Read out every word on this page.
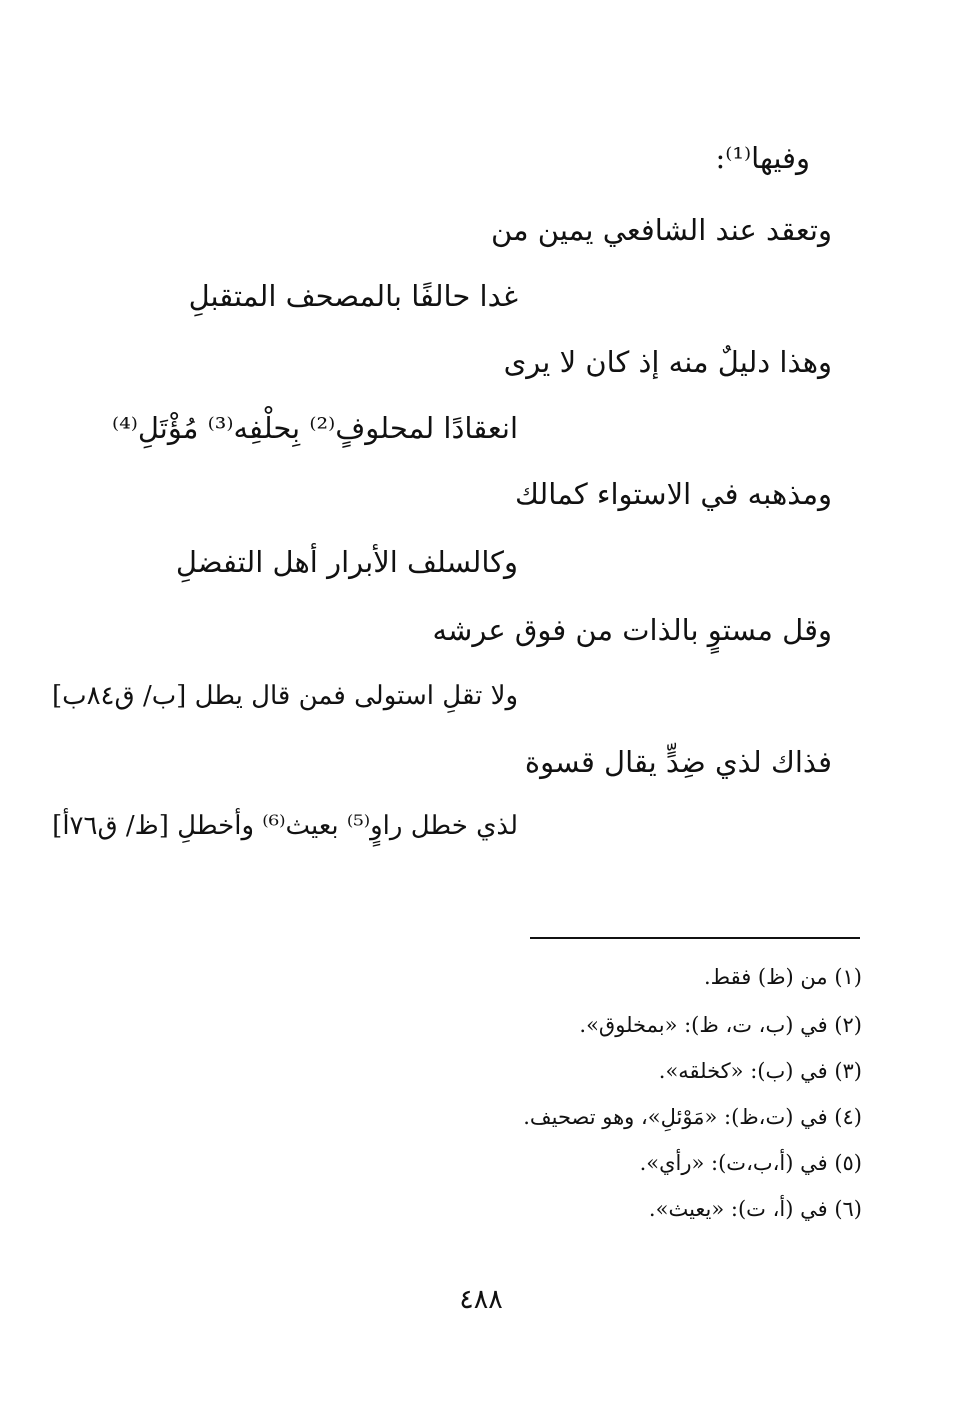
وفيها⁽¹⁾:
وتعقد عند الشافعي يمين من
غدا حالفًا بالمصحف المتقبلِ
وهذا دليلٌ منه إذ كان لا يرى
انعقادًا لمحلوفٍ⁽²⁾ بِحلْفِه⁽³⁾ مُؤْتَلِ⁽⁴⁾
ومذهبه في الاستواء كمالك
وكالسلف الأبرار أهل التفضلِ
وقل مستوٍ بالذات من فوق عرشه
ولا تقلِ استولى فمن قال يطل [ب/ ق٨٤ب]
فذاك لذي ضِدٍّ يقال قسوة
لذي خطل راوٍ⁽⁵⁾ بعيث⁽⁶⁾ وأخطلِ [ظ/ ق٧٦أ]
(١) من (ظ) فقط.
(٢) في (ب، ت، ظ): «بمخلوق».
(٣) في (ب): «كخلقه».
(٤) في (ت،ظ): «مَوْئلِ»، وهو تصحيف.
(٥) في (أ،ب،ت): «رأي».
(٦) في (أ، ت): «يعيث».
٤٨٨
